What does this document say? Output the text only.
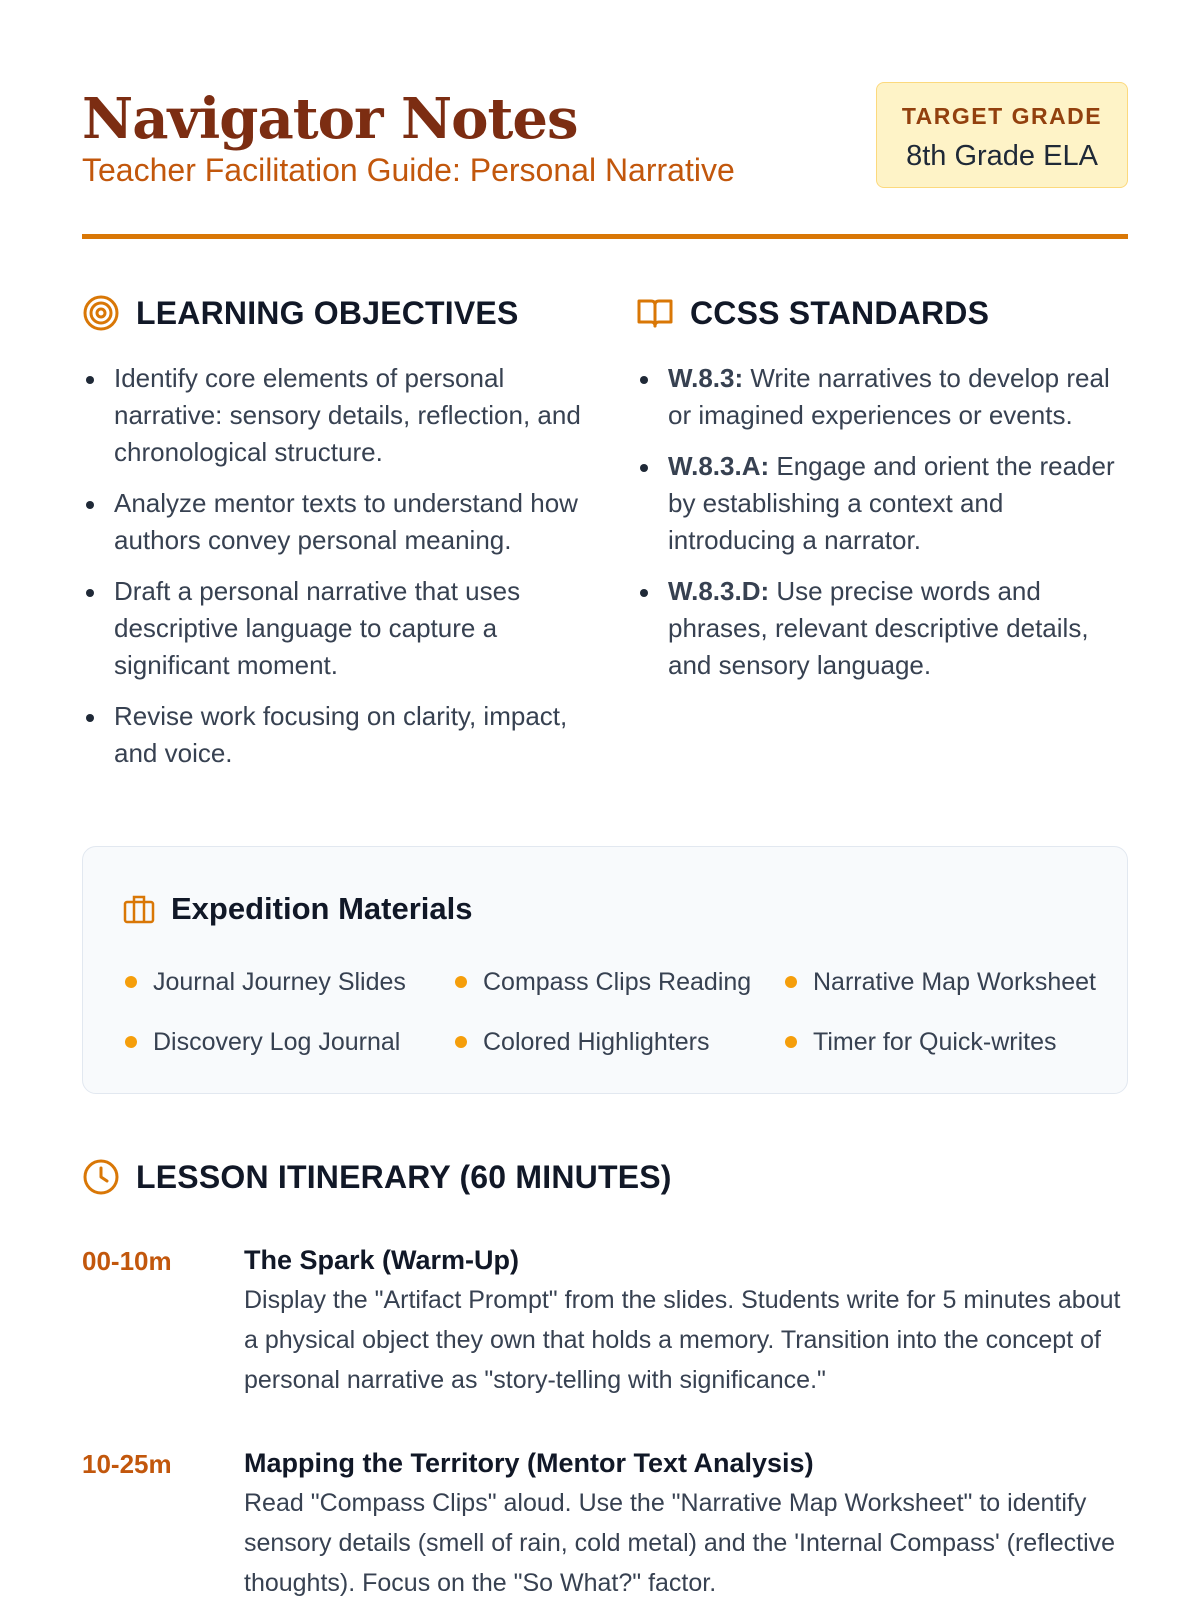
Navigator Notes

Teacher Facilitation Guide: Personal Narrative

TARGET GRADE
8th Grade ELA
LEARNING OBJECTIVES
Identify core elements of personal narrative: sensory details, reflection, and chronological structure.
Analyze mentor texts to understand how authors convey personal meaning.
Draft a personal narrative that uses descriptive language to capture a significant moment.
Revise work focusing on clarity, impact, and voice.
CCSS STANDARDS
W.8.3: Write narratives to develop real or imagined experiences or events.
W.8.3.A: Engage and orient the reader by establishing a context and introducing a narrator.
W.8.3.D: Use precise words and phrases, relevant descriptive details, and sensory language.
Expedition Materials
Journal Journey Slides	Compass Clips Reading Narrative Map Worksheet
Discovery Log Journal	Colored Highlighters	Timer for Quick-writes
LESSON ITINERARY (60 MINUTES)
00-10m	The Spark (Warm-Up)

Display the "Artifact Prompt" from the slides. Students write for 5 minutes about a physical object they own that holds a memory. Transition into the concept of personal narrative as "story-telling with significance."

10-25m	Mapping the Territory (Mentor Text Analysis)

Read "Compass Clips" aloud. Use the "Narrative Map Worksheet" to identify sensory details (smell of rain, cold metal) and the 'Internal Compass' (reflective thoughts). Focus on the "So What?" factor.
